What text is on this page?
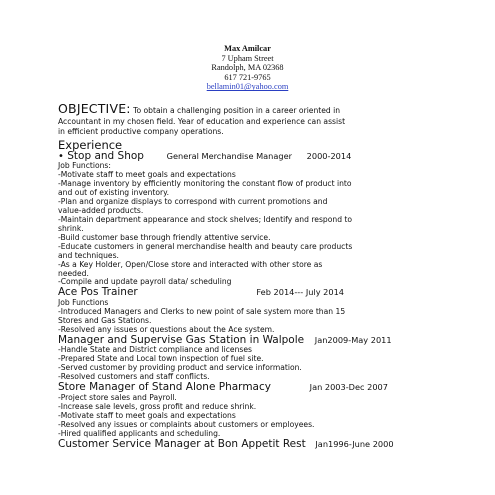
Max Amilcar
7 Upham Street
Randolph, MA 02368
617 721-9765
bellamin01@yahoo.com
OBJECTIVE: To obtain a challenging position in a career oriented in
Accountant in my chosen field. Year of education and experience can assist
in efficient productive company operations.
Experience
• Stop and Shop	General Merchandise Manager 2000-2014
Job Functions:
-Motivate staff to meet goals and expectations
-Manage inventory by efficiently monitoring the constant flow of product into
and out of existing inventory.
-Plan and organize displays to correspond with current promotions and
value-added products.
-Maintain department appearance and stock shelves; Identify and respond to
shrink.
-Build customer base through friendly attentive service.
-Educate customers in general merchandise health and beauty care products
and techniques.
-As a Key Holder, Open/Close store and interacted with other store as
needed.
-Compile and update payroll data/ scheduling
Ace Pos Trainer	Feb 2014--- July 2014
Job Functions
-Introduced Managers and Clerks to new point of sale system more than 15
Stores and Gas Stations.
-Resolved any issues or questions about the Ace system.
Manager and Supervise Gas Station in Walpole Jan2009-May 2011
-Handle State and District compliance and licenses
-Prepared State and Local town inspection of fuel site.
-Served customer by providing product and service information.
-Resolved customers and staff conflicts.
Store Manager of Stand Alone Pharmacy	Jan 2003-Dec 2007
-Project store sales and Payroll.
-Increase sale levels, gross profit and reduce shrink.
-Motivate staff to meet goals and expectations
-Resolved any issues or complaints about customers or employees.
-Hired qualified applicants and scheduling.
Customer Service Manager at Bon Appetit Rest Jan1996-June 2000
